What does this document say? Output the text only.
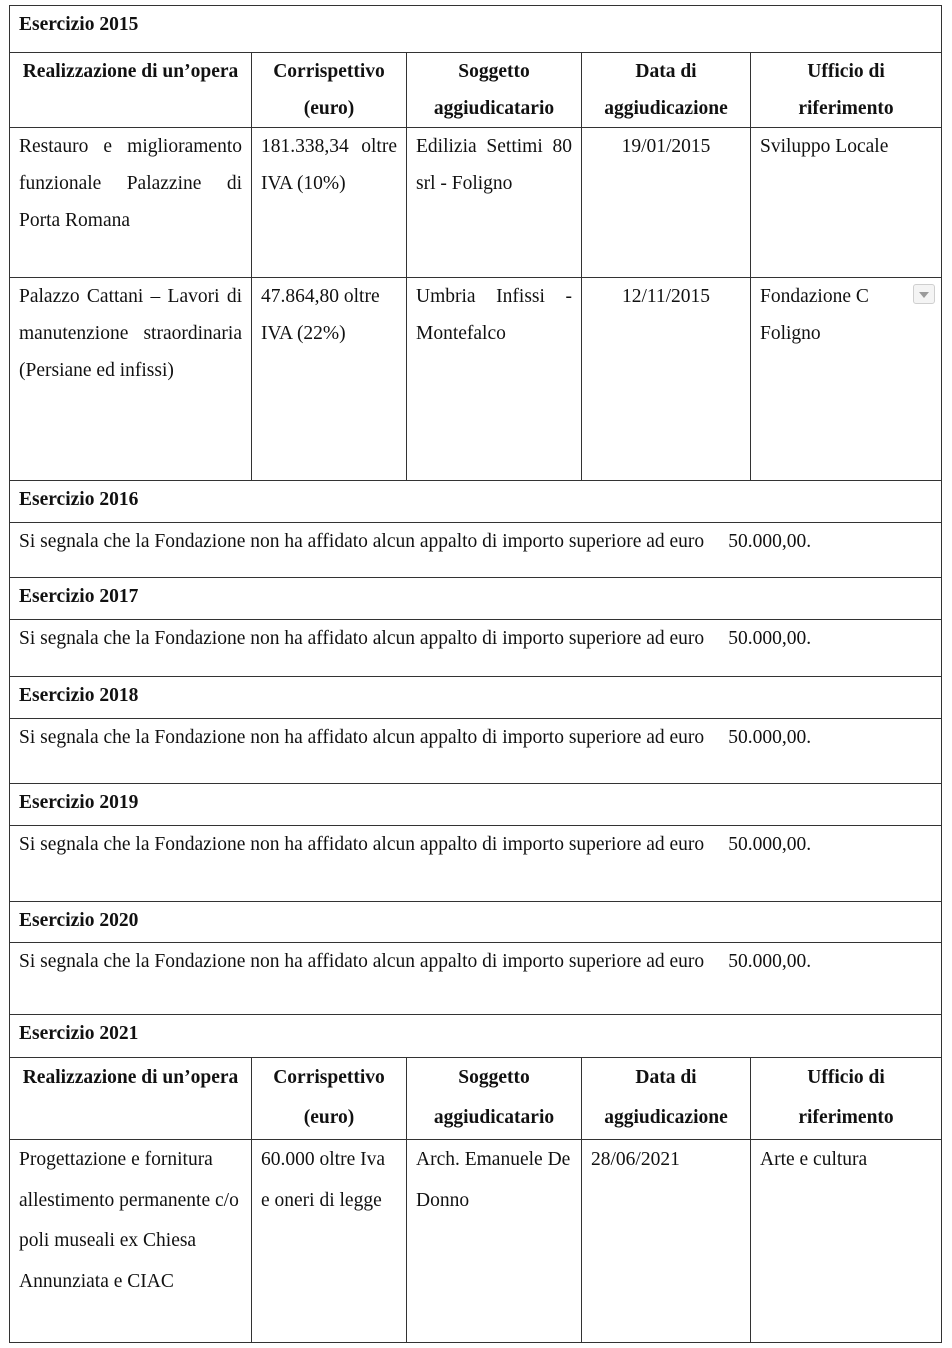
Esercizio 2015				
Realizzazione di un’opera	Corrispettivo (euro)	Soggetto aggiudicatario	Data di aggiudicazione	Ufficio di riferimento
Restauro e miglioramento funzionale Palazzine di Porta Romana	181.338,34 oltre IVA (10%)	Edilizia Settimi 80 srl - Foligno	19/01/2015	Sviluppo Locale
Palazzo Cattani – Lavori di manutenzione straordinaria (Persiane ed infissi)	47.864,80 oltre IVA (22%)	Umbria Infissi - Montefalco	12/11/2015	Fondazione C Foligno

Esercizio 2016				
Si segnala che la Fondazione non ha affidato alcun appalto di importo superiore ad euro 50.000,00.				
Esercizio 2017				
Si segnala che la Fondazione non ha affidato alcun appalto di importo superiore ad euro 50.000,00.				
Esercizio 2018				
Si segnala che la Fondazione non ha affidato alcun appalto di importo superiore ad euro 50.000,00.				
Esercizio 2019				
Si segnala che la Fondazione non ha affidato alcun appalto di importo superiore ad euro 50.000,00.				
Esercizio 2020				
Si segnala che la Fondazione non ha affidato alcun appalto di importo superiore ad euro 50.000,00.				
Esercizio 2021				
Realizzazione di un’opera	Corrispettivo (euro)	Soggetto aggiudicatario	Data di aggiudicazione	Ufficio di riferimento
Progettazione e fornitura allestimento permanente c/o poli museali ex Chiesa Annunziata e CIAC	60.000 oltre Iva e oneri di legge	Arch. Emanuele De Donno	28/06/2021	Arte e cultura
